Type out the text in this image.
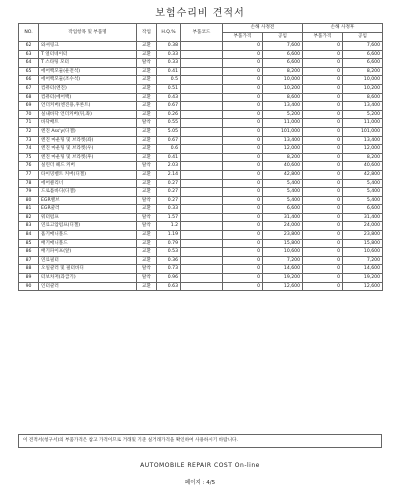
보험수리비 견적서
NO.	작업항목 및 부품명	작업	H.Q.%	부품코드	손해 사정전		손해 사정후	
					부품가격	공임	부품가격	공임
62	와셔링크	교환	0.38		0	7,600	0	7,600
63	T 얼터네이터	교환	0.33		0	6,600	0	6,600
64	T 스타팅 모터	탈착	0.33		0	6,600	0	6,600
65	에어백모듈(운전석)	교환	0.41		0	8,200	0	8,200
66	에어백모듈(조수석)	교환	0.5		0	10,000	0	10,000
67	컴퓨터(엔진)	교환	0.51		0	10,200	0	10,200
68	컴퓨터(에어백)	교환	0.43		0	8,600	0	8,600
69	언더커버(엔진용,후론트)	교환	0.67		0	13,400	0	13,400
70	실내바닥 언더커버(뒤,좌)	교환	0.26		0	5,200	0	5,200
71	바닥배트	탈착	0.55		0	11,000	0	11,000
72	엔진 Ass'y(디젤)	교환	5.05		0	101,000	0	101,000
73	엔진 마운팅 및 브라켓(좌)	교환	0.67		0	13,400	0	13,400
74	엔진 마운팅 및 브라켓(우)	교환	0.6		0	12,000	0	12,000
75	엔진 마운팅 및 브라켓(후)	교환	0.41		0	8,200	0	8,200
76	실린더 헤드 커버	탈착	2.03		0	40,600	0	40,600
77	타이밍벨트 커버(디젤)	교환	2.14		0	42,800	0	42,800
78	에어클리너	교환	0.27		0	5,400	0	5,400
79	드로틀바디(디젤)	교환	0.27		0	5,400	0	5,400
80	EGR밸브	탈착	0.27		0	5,400	0	5,400
81	EGR쿨러	교환	0.33		0	6,600	0	6,600
82	워터펌프	탈착	1.57		0	31,400	0	31,400
83	연료고압펌프(디젤)	탈착	1.2		0	24,000	0	24,000
84	흡기매니폴드	교환	1.19		0	23,800	0	23,800
85	배기매니폴드	교환	0.79		0	15,800	0	15,800
86	배기파이프(앞)	교환	0.53		0	10,600	0	10,600
87	연료필터	교환	0.36		0	7,200	0	7,200
88	오일쿨러 및 필터바디	탈착	0.73		0	14,600	0	14,600
89	터보차저(과급기)	탈착	0.96		0	19,200	0	19,200
90	인터쿨러	교환	0.63		0	12,600	0	12,600
이 견적서(청구서)의 부품가격은 참고 가격이므로 거래및 기준 실거래가격을 확인하여 사용하시기 바랍니다.
AUTOMOBILE REPAIR COST On-line
페이지 : 4/5
